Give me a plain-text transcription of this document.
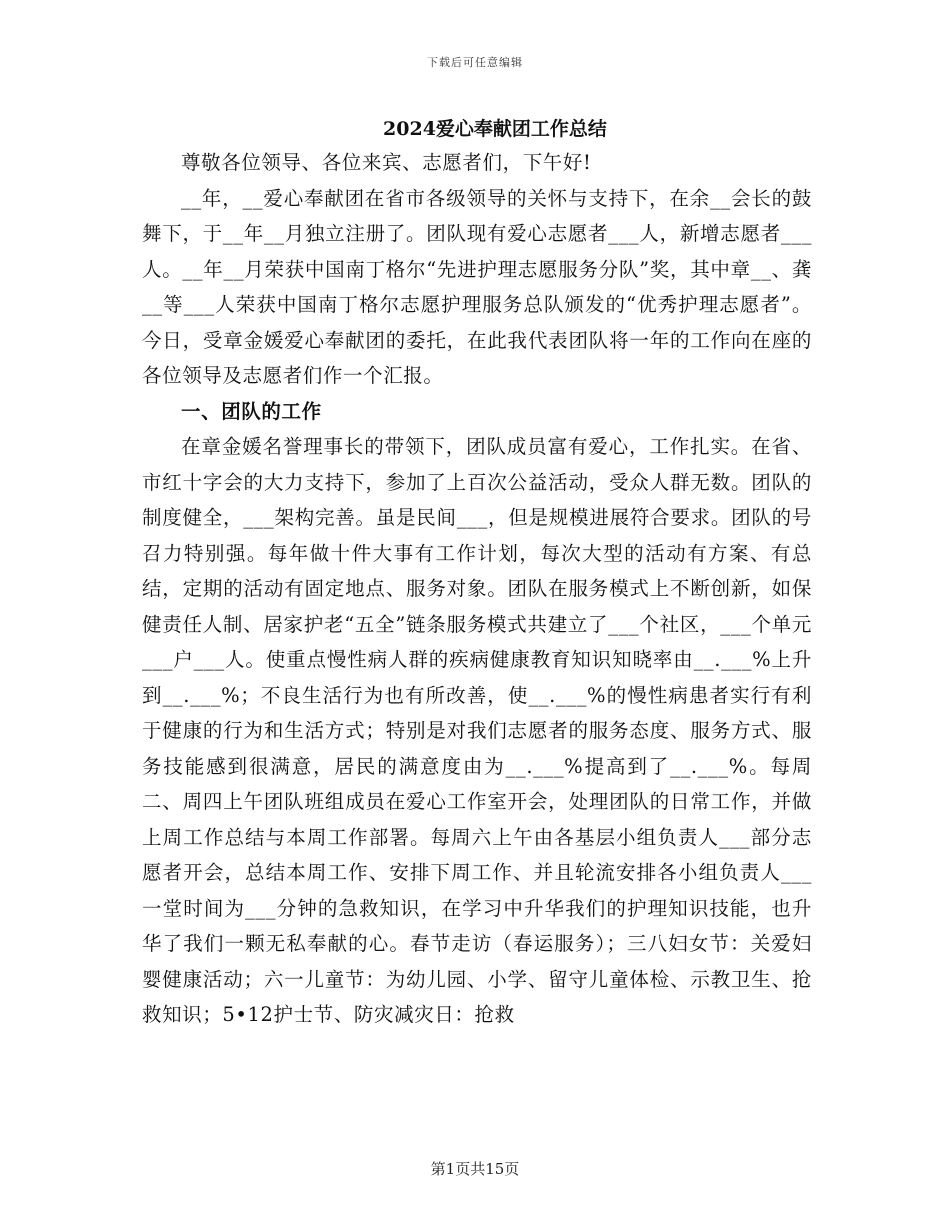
下载后可任意编辑
2024爱心奉献团工作总结

尊敬各位领导、各位来宾、志愿者们，下午好!

__年，__爱心奉献团在省市各级领导的关怀与支持下，在余__会长的鼓舞下，于__年__月独立注册了。团队现有爱心志愿者___人，新增志愿者___人。__年__月荣获中国南丁格尔“先进护理志愿服务分队”奖，其中章__、龚__等___人荣获中国南丁格尔志愿护理服务总队颁发的“优秀护理志愿者”。今日，受章金媛爱心奉献团的委托，在此我代表团队将一年的工作向在座的各位领导及志愿者们作一个汇报。

一、团队的工作

在章金媛名誉理事长的带领下，团队成员富有爱心，工作扎实。在省、市红十字会的大力支持下，参加了上百次公益活动，受众人群无数。团队的制度健全，___架构完善。虽是民间___，但是规模进展符合要求。团队的号召力特别强。每年做十件大事有工作计划，每次大型的活动有方案、有总结，定期的活动有固定地点、服务对象。团队在服务模式上不断创新，如保健责任人制、居家护老“五全”链条服务模式共建立了___个社区，___个单元___户___人。使重点慢性病人群的疾病健康教育知识知晓率由__.___%上升到__.___%；不良生活行为也有所改善，使__.___%的慢性病患者实行有利于健康的行为和生活方式；特别是对我们志愿者的服务态度、服务方式、服务技能感到很满意，居民的满意度由为__.___%提高到了__.___%。每周二、周四上午团队班组成员在爱心工作室开会，处理团队的日常工作，并做上周工作总结与本周工作部署。每周六上午由各基层小组负责人___部分志愿者开会，总结本周工作、安排下周工作、并且轮流安排各小组负责人___一堂时间为___分钟的急救知识，在学习中升华我们的护理知识技能，也升华了我们一颗无私奉献的心。春节走访（春运服务）；三八妇女节：关爱妇婴健康活动；六一儿童节：为幼儿园、小学、留守儿童体检、示教卫生、抢救知识；5•12护士节、防灾减灾日：抢救

第1页共15页
